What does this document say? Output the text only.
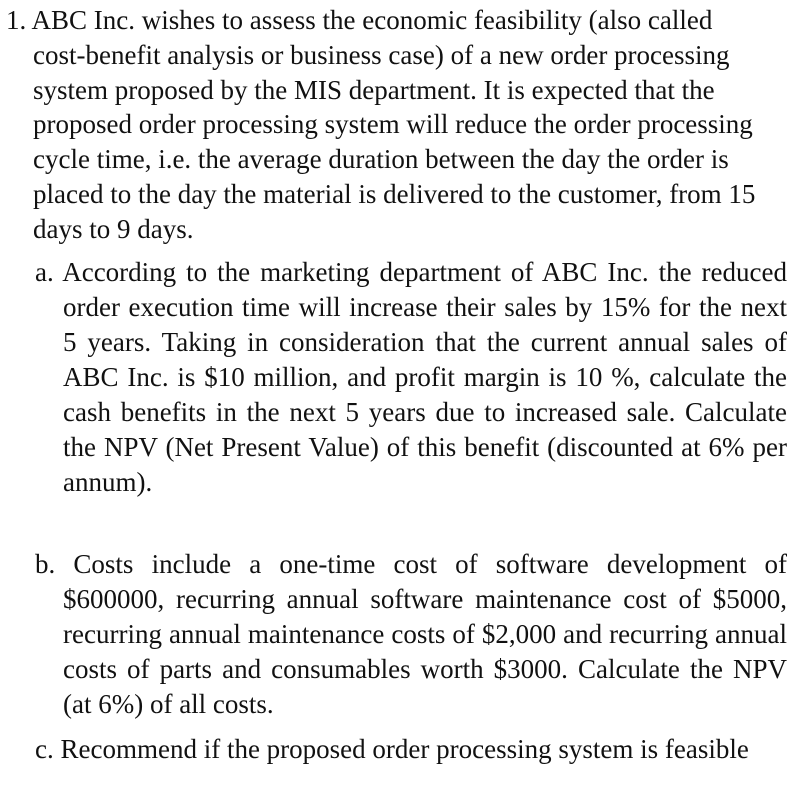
1. ABC Inc. wishes to assess the economic feasibility (also called cost-benefit analysis or business case) of a new order processing system proposed by the MIS department. It is expected that the proposed order processing system will reduce the order processing cycle time, i.e. the average duration between the day the order is placed to the day the material is delivered to the customer, from 15 days to 9 days.

a. According to the marketing department of ABC Inc. the reduced order execution time will increase their sales by 15% for the next 5 years. Taking in consideration that the current annual sales of ABC Inc. is $10 million, and profit margin is 10 %, calculate the cash benefits in the next 5 years due to increased sale. Calculate the NPV (Net Present Value) of this benefit (discounted at 6% per annum).

b. Costs include a one-time cost of software development of $600000, recurring annual software maintenance cost of $5000, recurring annual maintenance costs of $2,000 and recurring annual costs of parts and consumables worth $3000. Calculate the NPV (at 6%) of all costs.

c. Recommend if the proposed order processing system is feasible
